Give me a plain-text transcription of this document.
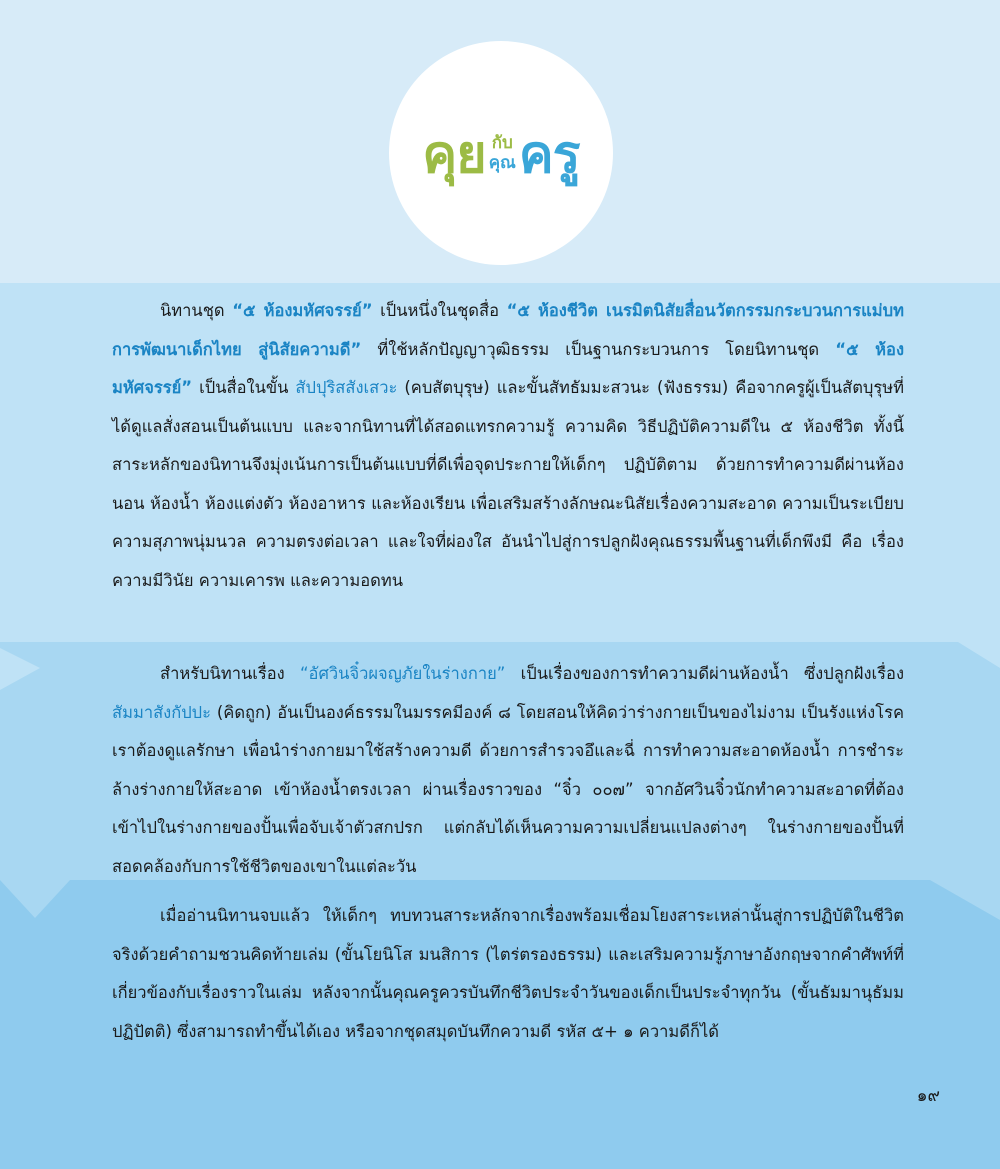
คุย กับ
คุณ ครู

นิทานชุด “๕ ห้องมหัศจรรย์” เป็นหนึ่งในชุดสื่อ “๕ ห้องชีวิต เนรมิตนิสัยสื่อนวัตกรรมกระบวนการแม่บทการพัฒนาเด็กไทย สู่นิสัยความดี” ที่ใช้หลักปัญญาวุฒิธรรม เป็นฐานกระบวนการ โดยนิทานชุด “๕ ห้องมหัศจรรย์” เป็นสื่อในขั้น สัปปุริสสังเสวะ (คบสัตบุรุษ) และขั้นสัทธัมมะสวนะ (ฟังธรรม) คือจากครูผู้เป็นสัตบุรุษที่ได้ดูแลสั่งสอนเป็นต้นแบบ และจากนิทานที่ได้สอดแทรกความรู้ ความคิด วิธีปฏิบัติความดีใน ๕ ห้องชีวิต ทั้งนี้สาระหลักของนิทานจึงมุ่งเน้นการเป็นต้นแบบที่ดีเพื่อจุดประกายให้เด็กๆ ปฏิบัติตาม ด้วยการทำความดีผ่านห้องนอน ห้องน้ำ ห้องแต่งตัว ห้องอาหาร และห้องเรียน เพื่อเสริมสร้างลักษณะนิสัยเรื่องความสะอาด ความเป็นระเบียบ ความสุภาพนุ่มนวล ความตรงต่อเวลา และใจที่ผ่องใส อันนำไปสู่การปลูกฝังคุณธรรมพื้นฐานที่เด็กพึงมี คือ เรื่องความมีวินัย ความเคารพ และความอดทน

สำหรับนิทานเรื่อง “อัศวินจิ๋วผจญภัยในร่างกาย” เป็นเรื่องของการทำความดีผ่านห้องน้ำ ซึ่งปลูกฝังเรื่อง สัมมาสังกัปปะ (คิดถูก) อันเป็นองค์ธรรมในมรรคมีองค์ ๘ โดยสอนให้คิดว่าร่างกายเป็นของไม่งาม เป็นรังแห่งโรค เราต้องดูแลรักษา เพื่อนำร่างกายมาใช้สร้างความดี ด้วยการสำรวจอึและฉี่ การทำความสะอาดห้องน้ำ การชำระล้างร่างกายให้สะอาด เข้าห้องน้ำตรงเวลา ผ่านเรื่องราวของ “จิ๋ว ๐๐๗” จากอัศวินจิ๋วนักทำความสะอาดที่ต้องเข้าไปในร่างกายของปั้นเพื่อจับเจ้าตัวสกปรก แต่กลับได้เห็นความความเปลี่ยนแปลงต่างๆ ในร่างกายของปั้นที่สอดคล้องกับการใช้ชีวิตของเขาในแต่ละวัน

เมื่ออ่านนิทานจบแล้ว ให้เด็กๆ ทบทวนสาระหลักจากเรื่องพร้อมเชื่อมโยงสาระเหล่านั้นสู่การปฏิบัติในชีวิตจริงด้วยคำถามชวนคิดท้ายเล่ม (ขั้นโยนิโส มนสิการ (ไตร่ตรองธรรม) และเสริมความรู้ภาษาอังกฤษจากคำศัพท์ที่เกี่ยวข้องกับเรื่องราวในเล่ม หลังจากนั้นคุณครูควรบันทึกชีวิตประจำวันของเด็กเป็นประจำทุกวัน (ขั้นธัมมานุธัมมปฏิปัตติ) ซึ่งสามารถทำขึ้นได้เอง หรือจากชุดสมุดบันทึกความดี รหัส ๕+ ๑ ความดีก็ได้

๑๙
